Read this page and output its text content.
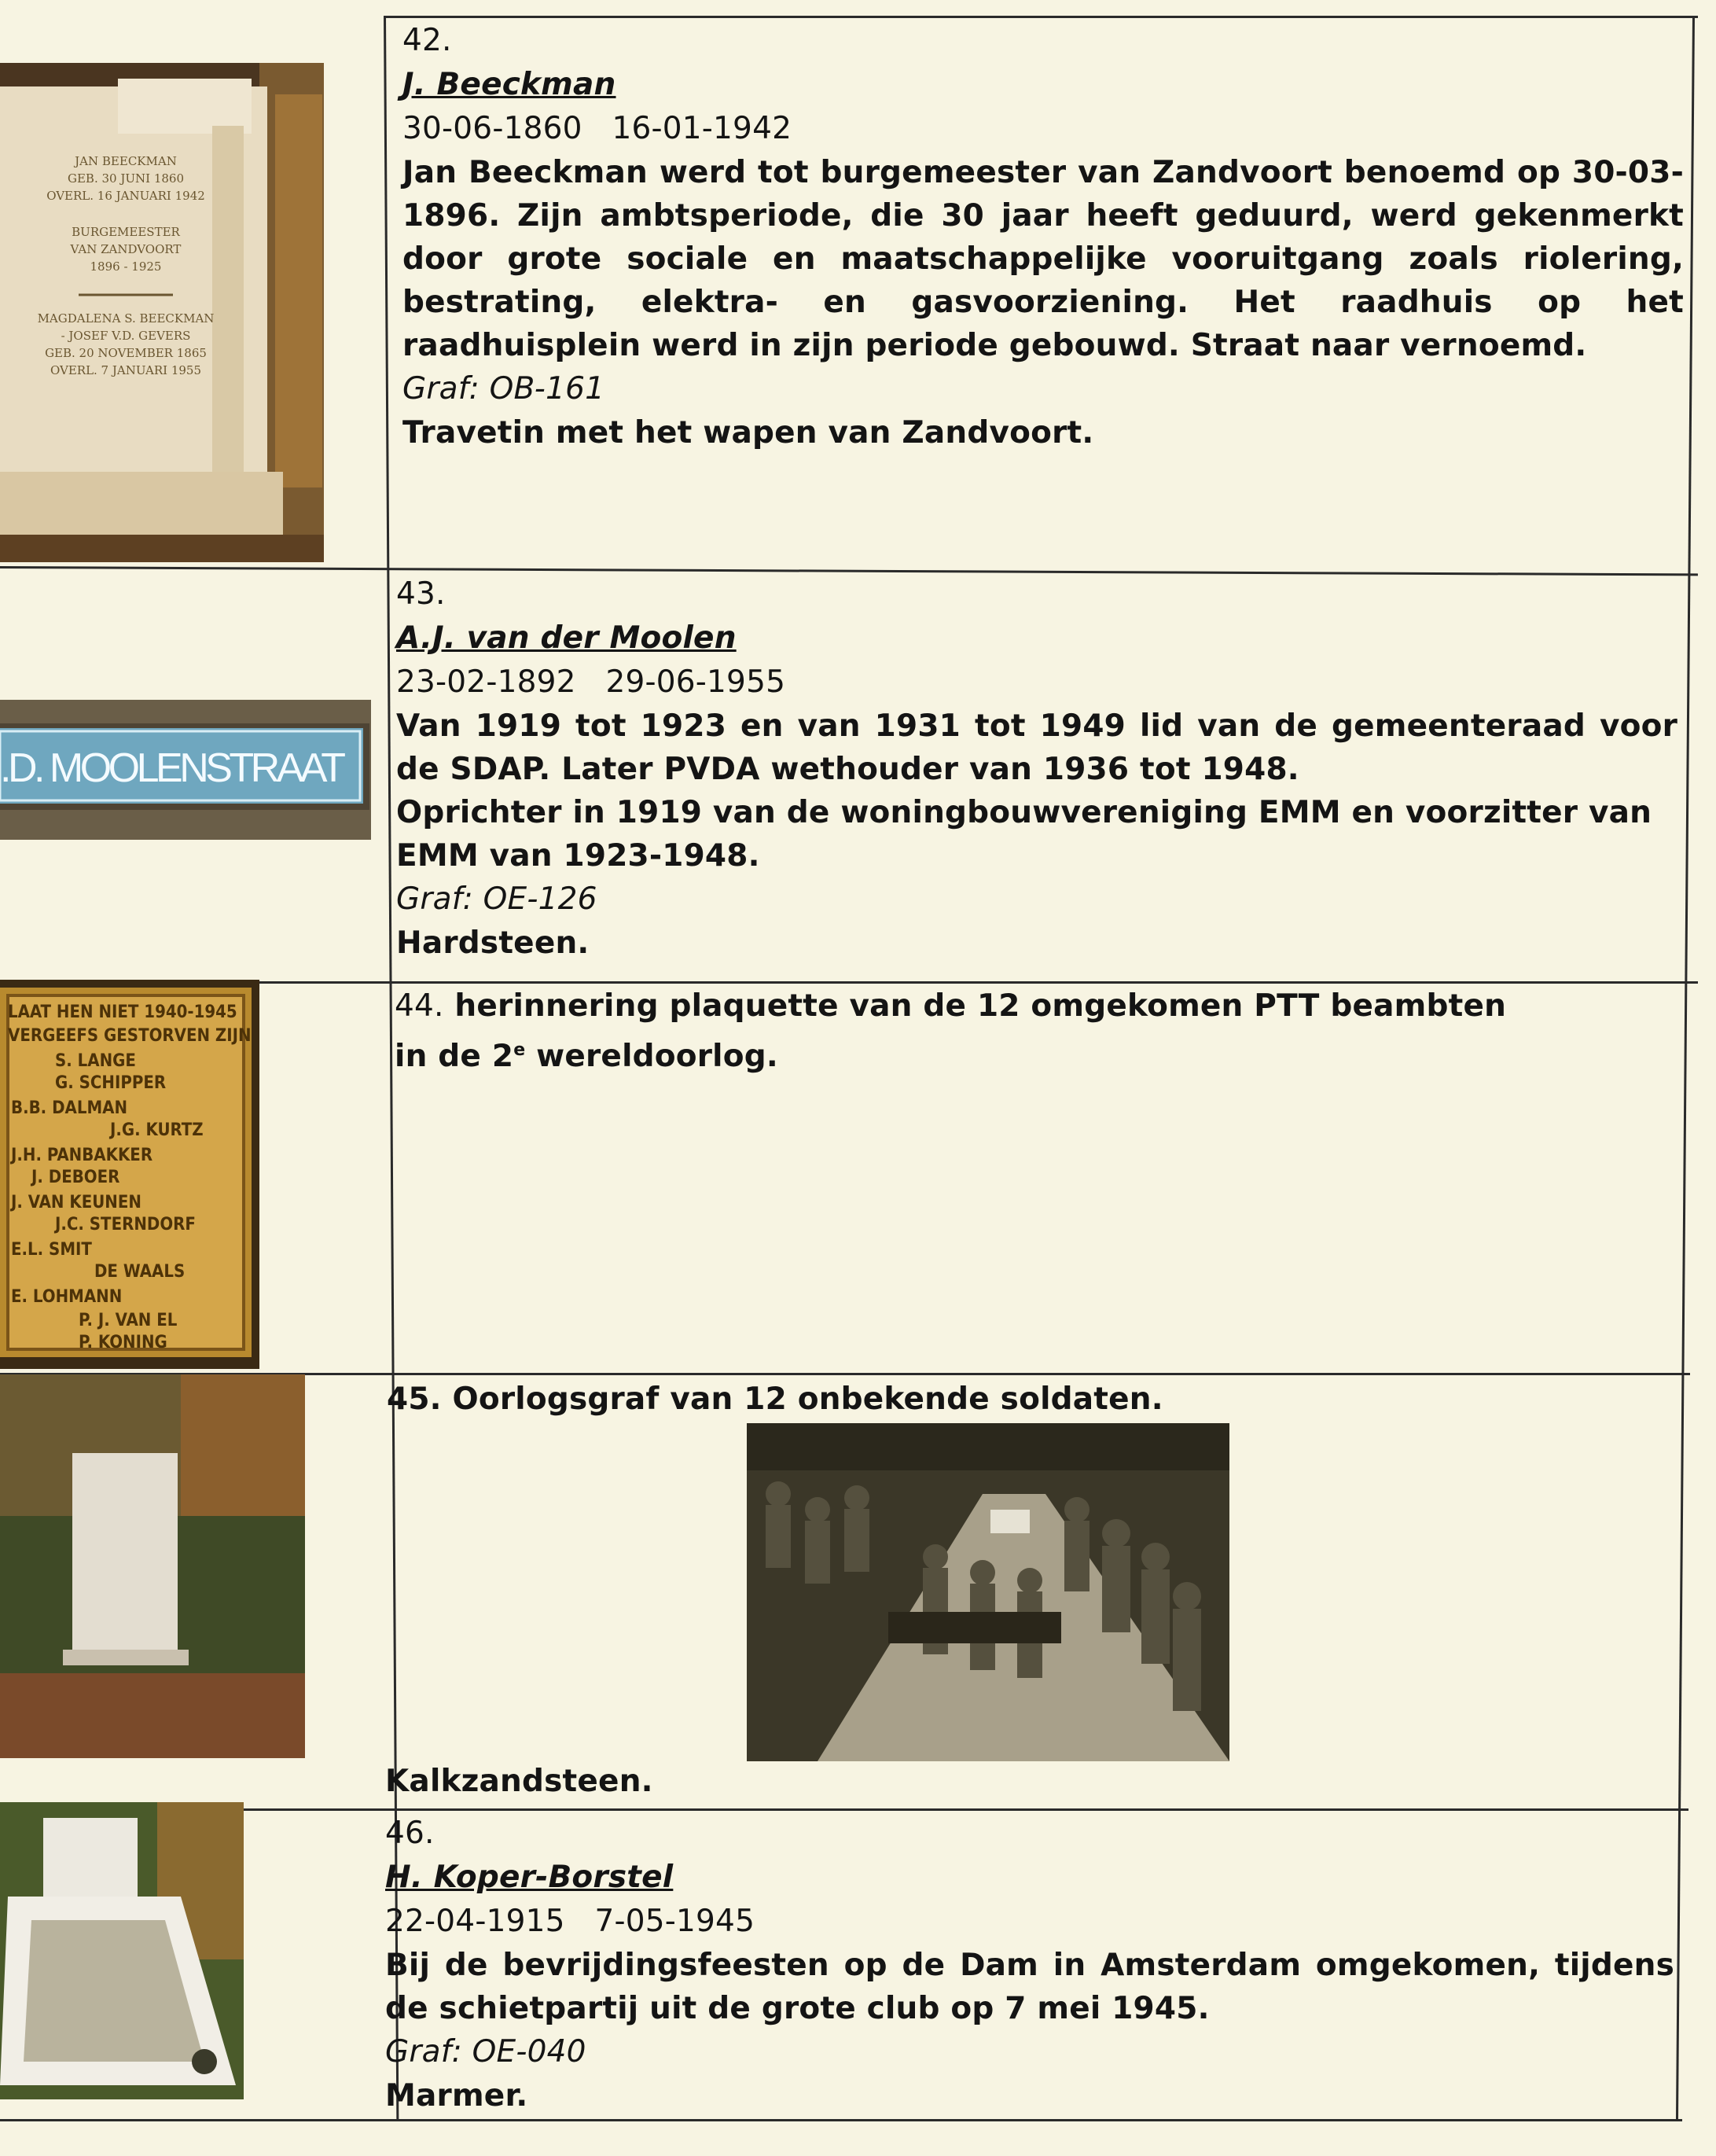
JAN BEECKMAN
GEB. 30 JUNI 1860
OVERL. 16 JANUARI 1942
BURGEMEESTER
VAN ZANDVOORT
1896 - 1925
MAGDALENA S. BEECKMAN
- JOSEF V.D. GEVERS
GEB. 20 NOVEMBER 1865
OVERL. 7 JANUARI 1955

42.

J. Beeckman

30-06-1860   16-01-1942

Jan Beeckman werd tot burgemeester van Zandvoort benoemd op 30-03-1896. Zijn ambtsperiode, die 30 jaar heeft geduurd, werd gekenmerkt door grote sociale en maatschappelijke vooruitgang zoals riolering, bestrating, elektra- en gasvoorziening. Het raadhuis op het raadhuisplein werd in zijn periode gebouwd. Straat naar vernoemd.

Graf: OB-161

Travetin met het wapen van Zandvoort.

.D. MOOLENSTRAAT

43.

A.J. van der Moolen

23-02-1892   29-06-1955

Van 1919 tot 1923 en van 1931 tot 1949 lid van de gemeenteraad voor de SDAP. Later PVDA wethouder van 1936 tot 1948.

Oprichter in 1919 van de woningbouwvereniging EMM en voorzitter van EMM van 1923-1948.

Graf: OE-126

Hardsteen.

LAAT HEN NIET 1940-1945
VERGEEFS GESTORVEN ZIJN
S. LANGE
G. SCHIPPER
B.B. DALMAN
J.G. KURTZ
J.H. PANBAKKER
J. DEBOER
J. VAN KEUNEN
J.C. STERNDORF
E.L. SMIT
DE WAALS
E. LOHMANN
P. J. VAN EL
P. KONING

44. herinnering plaquette van de 12 omgekomen PTT beambten

in de 2e wereldoorlog.

45. Oorlogsgraf van 12 onbekende soldaten.

Kalkzandsteen.

46.

H. Koper-Borstel

22-04-1915   7-05-1945

Bij de bevrijdingsfeesten op de Dam in Amsterdam omgekomen, tijdens de schietpartij uit de grote club op 7 mei 1945.

Graf: OE-040

Marmer.
